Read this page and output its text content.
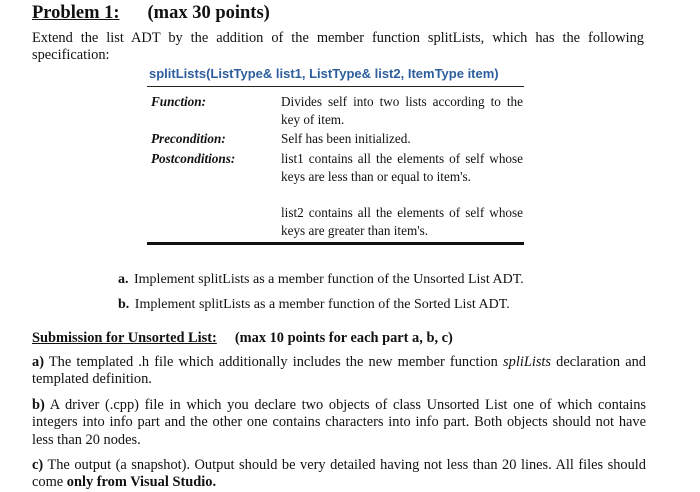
Problem 1: (max 30 points)
Extend the list ADT by the addition of the member function splitLists, which has the following specification:
splitLists(ListType& list1, ListType& list2, ItemType item)
Function:	Divides self into two lists according to the key of item.
Precondition:	Self has been initialized.
Postconditions:	list1 contains all the elements of self whose keys are less than or equal to item's.
list2 contains all the elements of self whose keys are greater than item's.
a. Implement splitLists as a member function of the Unsorted List ADT.
b. Implement splitLists as a member function of the Sorted List ADT.
Submission for Unsorted List: (max 10 points for each part a, b, c)
a) The templated .h file which additionally includes the new member function spliLists declaration and templated definition.
b) A driver (.cpp) file in which you declare two objects of class Unsorted List one of which contains integers into info part and the other one contains characters into info part. Both objects should not have less than 20 nodes.
c) The output (a snapshot). Output should be very detailed having not less than 20 lines. All files should come only from Visual Studio.
